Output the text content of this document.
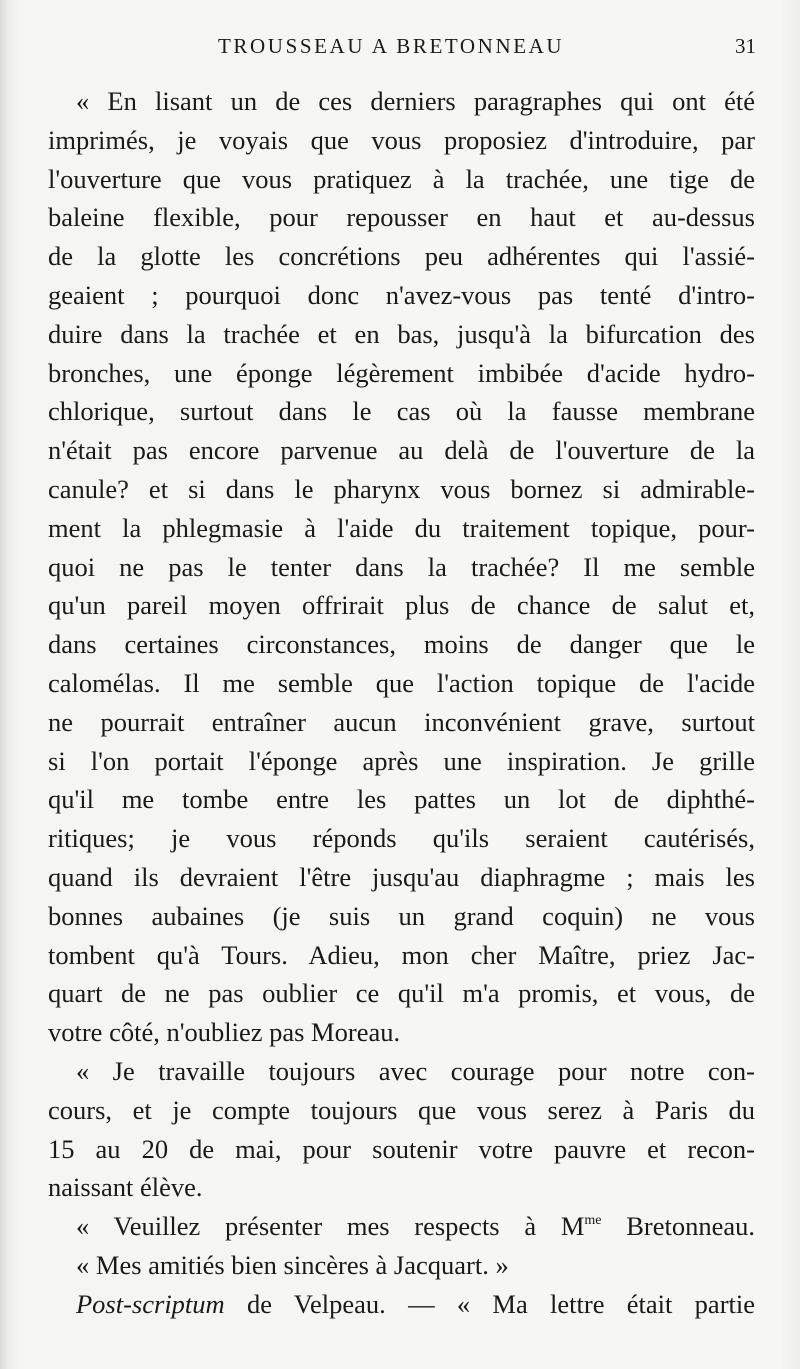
TROUSSEAU A BRETONNEAU	31
« En lisant un de ces derniers paragraphes qui ont été
imprimés, je voyais que vous proposiez d'introduire, par
l'ouverture que vous pratiquez à la trachée, une tige de
baleine flexible, pour repousser en haut et au-dessus
de la glotte les concrétions peu adhérentes qui l'assié-
geaient ; pourquoi donc n'avez-vous pas tenté d'intro-
duire dans la trachée et en bas, jusqu'à la bifurcation des
bronches, une éponge légèrement imbibée d'acide hydro-
chlorique, surtout dans le cas où la fausse membrane
n'était pas encore parvenue au delà de l'ouverture de la
canule? et si dans le pharynx vous bornez si admirable-
ment la phlegmasie à l'aide du traitement topique, pour-
quoi ne pas le tenter dans la trachée? Il me semble
qu'un pareil moyen offrirait plus de chance de salut et,
dans certaines circonstances, moins de danger que le
calomélas. Il me semble que l'action topique de l'acide
ne pourrait entraîner aucun inconvénient grave, surtout
si l'on portait l'éponge après une inspiration. Je grille
qu'il me tombe entre les pattes un lot de diphthé-
ritiques; je vous réponds qu'ils seraient cautérisés,
quand ils devraient l'être jusqu'au diaphragme ; mais les
bonnes aubaines (je suis un grand coquin) ne vous
tombent qu'à Tours. Adieu, mon cher Maître, priez Jac-
quart de ne pas oublier ce qu'il m'a promis, et vous, de
votre côté, n'oubliez pas Moreau.
« Je travaille toujours avec courage pour notre con-
cours, et je compte toujours que vous serez à Paris du
15 au 20 de mai, pour soutenir votre pauvre et recon-
naissant élève.
« Veuillez présenter mes respects à $M^{me}$ Bretonneau.
« Mes amitiés bien sincères à Jacquart. »
Post-scriptum de Velpeau. — « Ma lettre était partie
